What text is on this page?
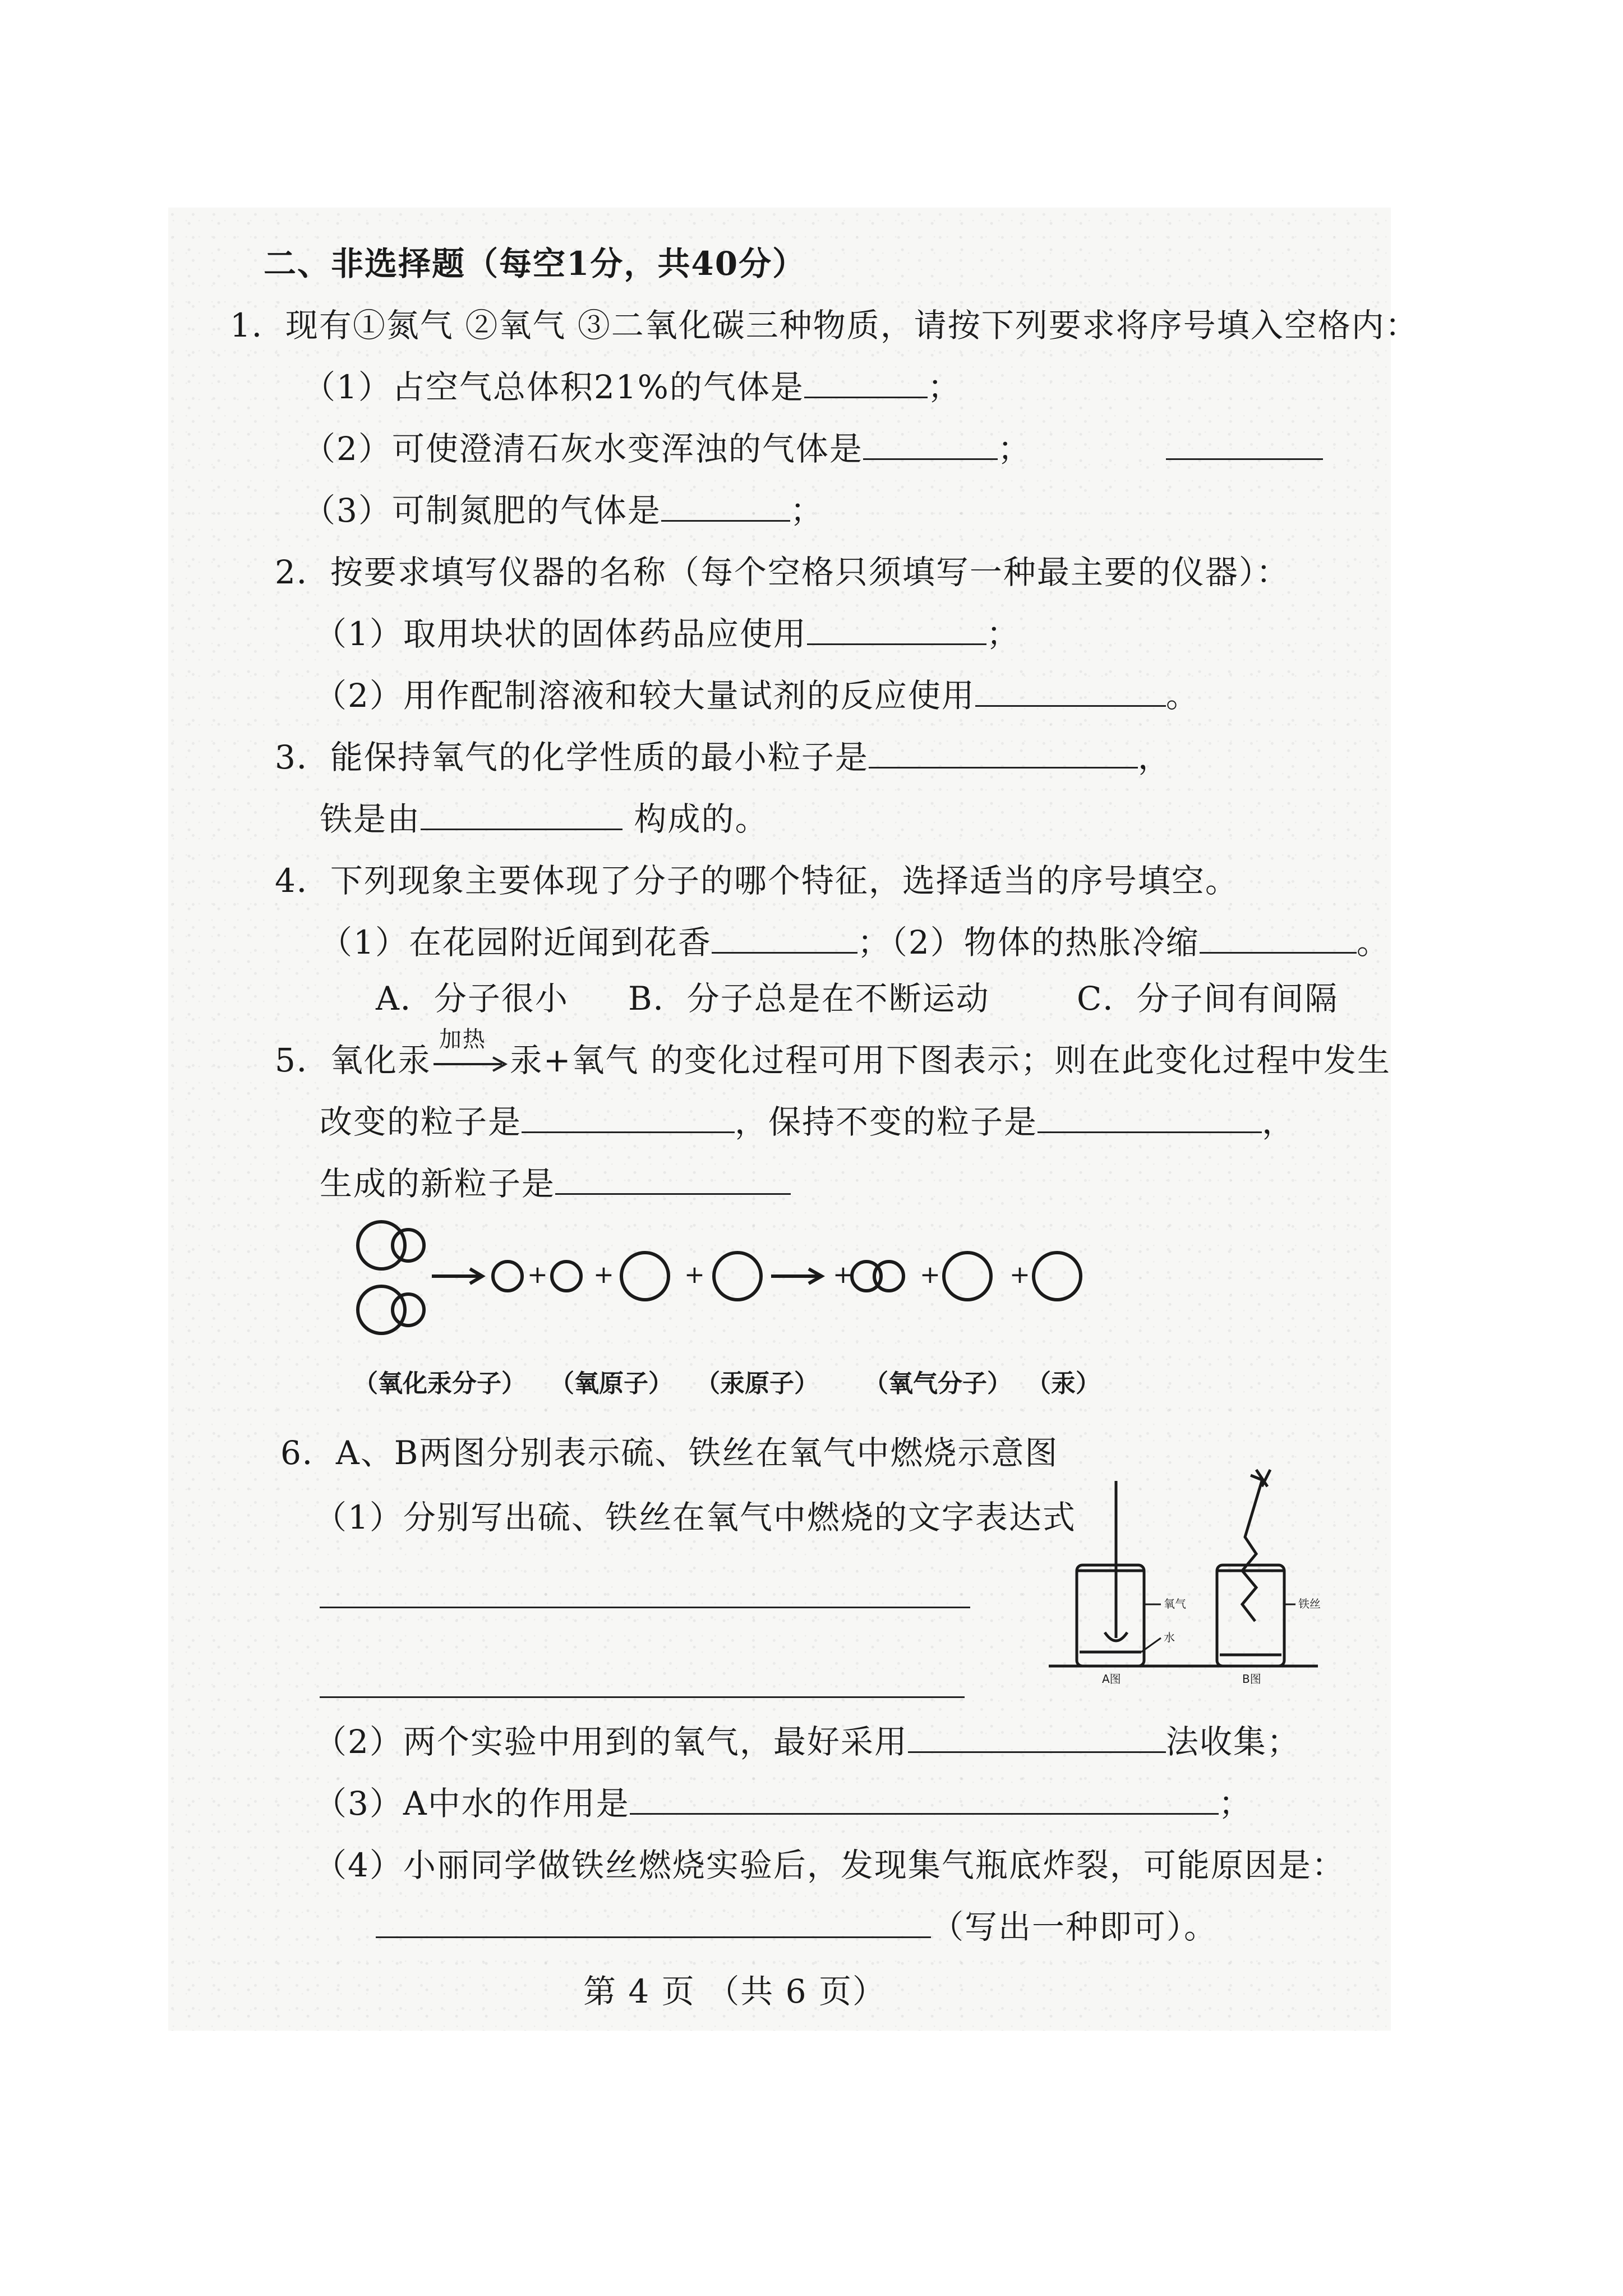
二、非选择题（每空1分，共40分）
1．现有①氮气 ②氧气 ③二氧化碳三种物质，请按下列要求将序号填入空格内：
（1）占空气总体积21%的气体是	；
（2）可使澄清石灰水变浑浊的气体是	；
（3）可制氮肥的气体是	；
2．按要求填写仪器的名称（每个空格只须填写一种最主要的仪器）：
（1）取用块状的固体药品应使用	；
（2）用作配制溶液和较大量试剂的反应使用	。
3．能保持氧气的化学性质的最小粒子是	，
铁是由	构成的。
4．下列现象主要体现了分子的哪个特征，选择适当的序号填空。
（1）在花园附近闻到花香	；（2）物体的热胀冷缩	。
A．分子很小 B．分子总是在不断运动	C．分子间有间隔
5．氧化汞
加热
汞+氧气 的变化过程可用下图表示；则在此变化过程中发生
改变的粒子是	，保持不变的粒子是	，
生成的新粒子是
+ +	+	+	+	+
（氧化汞分子） （氧原子） （汞原子） （氧气分子） （汞）
6．A、B两图分别表示硫、铁丝在氧气中燃烧示意图
（1）分别写出硫、铁丝在氧气中燃烧的文字表达式
氧气
水
铁丝
A图	B图
（2）两个实验中用到的氧气，最好采用	法收集；
（3）A中水的作用是	；
（4）小丽同学做铁丝燃烧实验后，发现集气瓶底炸裂，可能原因是：
（写出一种即可）。
第 4 页 （共 6 页）
